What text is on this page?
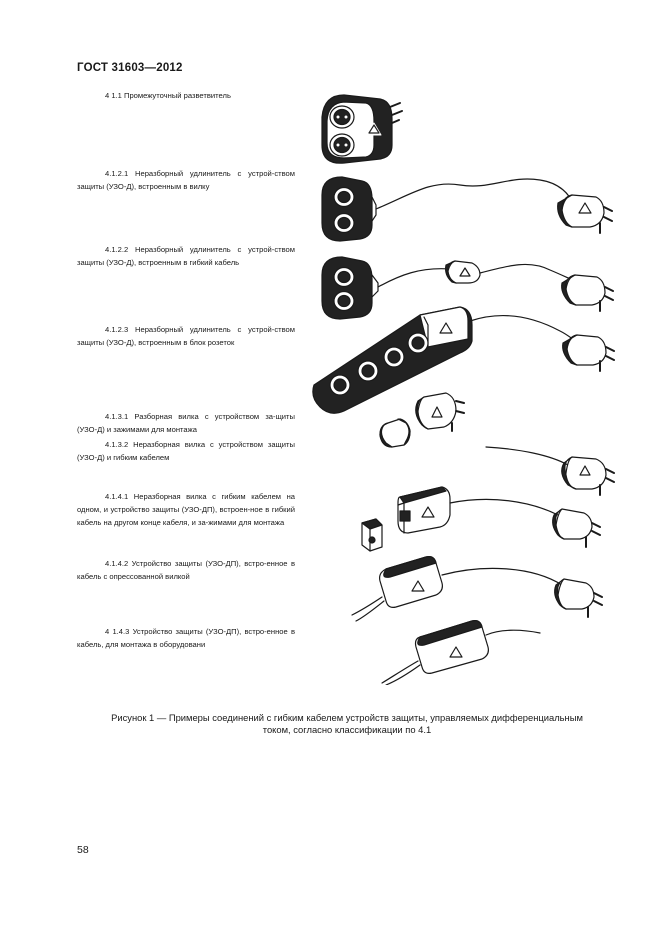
ГОСТ 31603—2012

4 1.1 Промежуточный разветвитель

4.1.2.1 Неразборный удлинитель с устрой-ством защиты (УЗО-Д), встроенным в вилку

4.1.2.2 Неразборный удлинитель с устрой-ством защиты (УЗО-Д), встроенным в гибкий кабель

4.1.2.3 Неразборный удлинитель с устрой-ством защиты (УЗО-Д), встроенным в блок розеток

4.1.3.1 Разборная вилка с устройством за-щиты (УЗО-Д) и зажимами для монтажа

4.1.3.2 Неразборная вилка с устройством защиты (УЗО-Д) и гибким кабелем

4.1.4.1 Неразборная вилка с гибким кабелем на одном, и устройство защиты (УЗО-ДП), встроен-ное в гибкий кабель на другом конце кабеля, и за-жимами для монтажа

4.1.4.2 Устройство защиты (УЗО-ДП), встро-енное в кабель с опрессованной вилкой

4 1.4.3 Устройство защиты (УЗО-ДП), встро-енное в кабель, для монтажа в оборудовани

Рисунок 1 — Примеры соединений с гибким кабелем устройств защиты, управляемых дифференциальным

током, согласно классификации по 4.1

58
